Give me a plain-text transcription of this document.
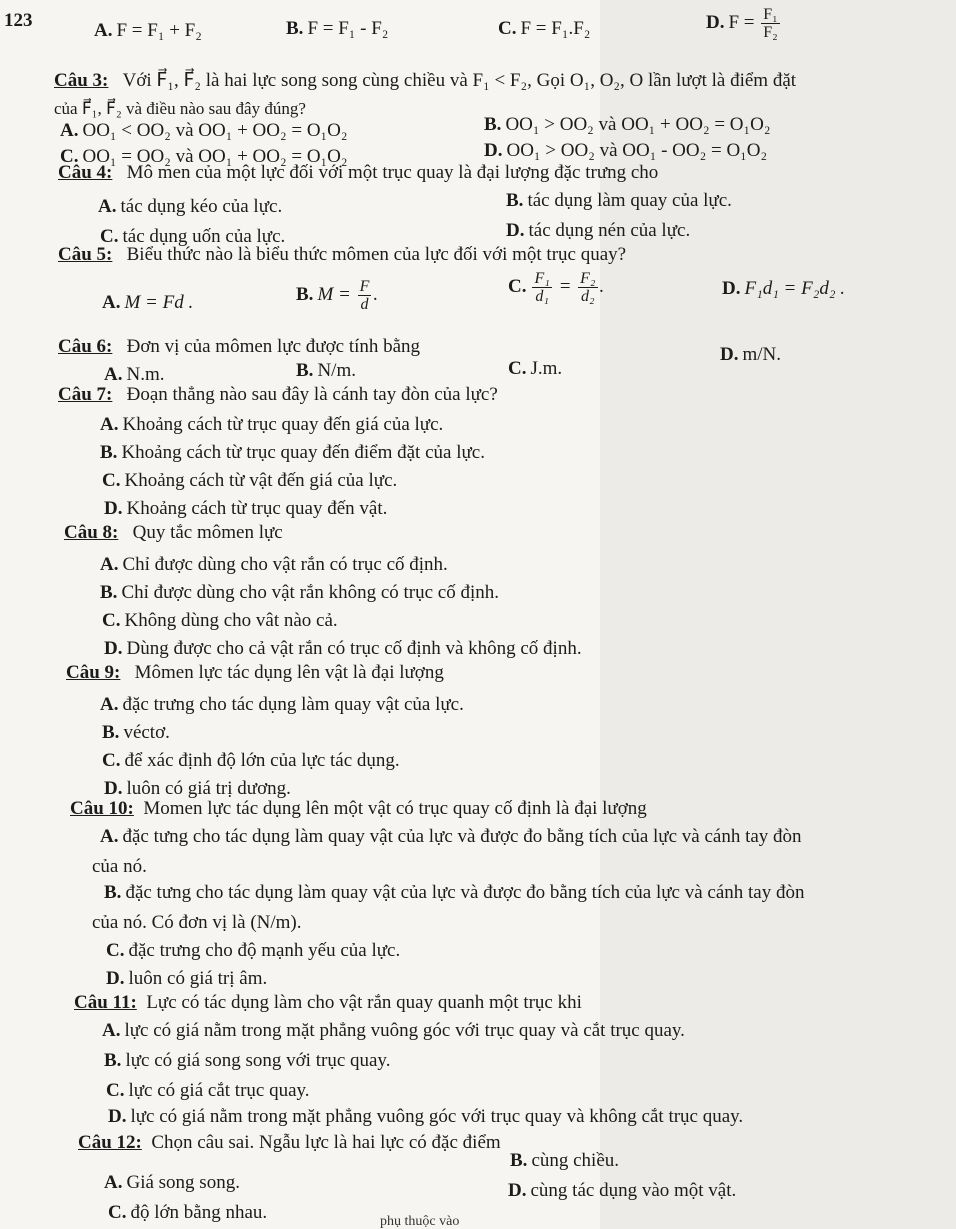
123	A. F = F₁ + F₂	B. F = F₁ - F₂	C. F = F₁.F₂	D. $F = \frac{\text{F₁}}{\text{F₂}}$
Câu 3: Với F⃗₁, F⃗₂ là hai lực song song cùng chiều và F₁ < F₂, Gọi O₁, O₂, O lần lượt là điểm đặt
của F⃗₁, F⃗₂ và điều nào sau đây đúng?
A. OO₁ < OO₂ và OO₁ + OO₂ = O₁O₂	B. OO₁ > OO₂ và OO₁ + OO₂ = O₁O₂
C. OO₁ = OO₂ và OO₁ + OO₂ = O₁O₂	D. OO₁ > OO₂ và OO₁ - OO₂ = O₁O₂
Câu 4: Mô men của một lực đối với một trục quay là đại lượng đặc trưng cho
A. tác dụng kéo của lực.	B. tác dụng làm quay của lực.
C. tác dụng uốn của lực.	D. tác dụng nén của lực.
Câu 5: Biểu thức nào là biểu thức mômen của lực đối với một trục quay?
A. M = Fd .	B. $M = \frac{F}{d}$ .	C. $\frac{\text{F₁}}{\text{d₁}} = \frac{\text{F₂}}{\text{d₂}}$ .	D. F₁d₁ = F₂d₂ .
Câu 6: Đơn vị của mômen lực được tính bằng
A. N.m.	B. N/m.	C. J.m.
D. m/N.
Câu 7: Đoạn thẳng nào sau đây là cánh tay đòn của lực?
A. Khoảng cách từ trục quay đến giá của lực.
B. Khoảng cách từ trục quay đến điểm đặt của lực.
C. Khoảng cách từ vật đến giá của lực.
D. Khoảng cách từ trục quay đến vật.
Câu 8: Quy tắc mômen lực
A. Chỉ được dùng cho vật rắn có trục cố định.
B. Chỉ được dùng cho vật rắn không có trục cố định.
C. Không dùng cho vât nào cả.
D. Dùng được cho cả vật rắn có trục cố định và không cố định.
Câu 9: Mômen lực tác dụng lên vật là đại lượng
A. đặc trưng cho tác dụng làm quay vật của lực.
B. véctơ.
C. để xác định độ lớn của lực tác dụng.
D. luôn có giá trị dương.
Câu 10: Momen lực tác dụng lên một vật có trục quay cố định là đại lượng
A. đặc tưng cho tác dụng làm quay vật của lực và được đo bằng tích của lực và cánh tay đòn
của nó.
B. đặc tưng cho tác dụng làm quay vật của lực và được đo bằng tích của lực và cánh tay đòn
của nó. Có đơn vị là (N/m).
C. đặc trưng cho độ mạnh yếu của lực.
D. luôn có giá trị âm.
Câu 11: Lực có tác dụng làm cho vật rắn quay quanh một trục khi
A. lực có giá nằm trong mặt phẳng vuông góc với trục quay và cắt trục quay.
B. lực có giá song song với trục quay.
C. lực có giá cắt trục quay.
D. lực có giá nằm trong mặt phẳng vuông góc với trục quay và không cắt trục quay.
Câu 12: Chọn câu sai. Ngẫu lực là hai lực có đặc điểm
B. cùng chiều.
A. Giá song song.	D. cùng tác dụng vào một vật.
C. độ lớn bằng nhau.	phụ thuộc vào
